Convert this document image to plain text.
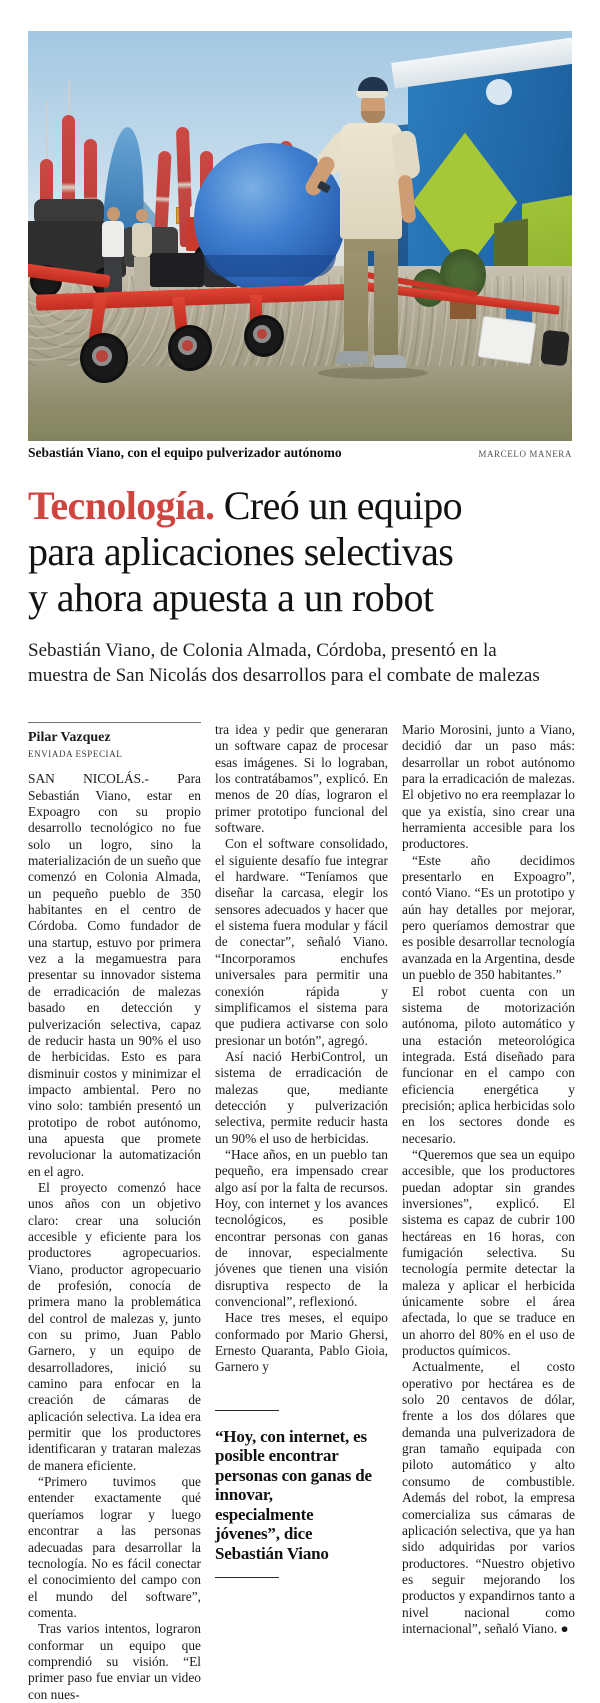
Sebastián Viano, con el equipo pulverizador autónomo	MARCELO MANERA
Tecnología. Creó un equipo
para aplicaciones selectivas
y ahora apuesta a un robot

Sebastián Viano, de Colonia Almada, Córdoba, presentó en la
muestra de San Nicolás dos desarrollos para el combate de malezas

Pilar Vazquez
ENVIADA ESPECIAL

SAN NICOLÁS.- Para Sebastián Viano, estar en Expoagro con su propio desarrollo tecnológico no fue solo un logro, sino la materialización de un sueño que comenzó en Colonia Almada, un pequeño pueblo de 350 habitantes en el centro de Córdoba. Como fundador de una startup, estuvo por primera vez a la megamuestra para presentar su innovador sistema de erradicación de malezas basado en detección y pulverización selectiva, capaz de reducir hasta un 90% el uso de herbicidas. Esto es para disminuir costos y minimizar el impacto ambiental. Pero no vino solo: también presentó un prototipo de robot autónomo, una apuesta que promete revolucionar la automatización en el agro.

El proyecto comenzó hace unos años con un objetivo claro: crear una solución accesible y eficiente para los productores agropecuarios. Viano, productor agropecuario de profesión, conocía de primera mano la problemática del control de malezas y, junto con su primo, Juan Pablo Garnero, y un equipo de desarrolladores, inició su camino para enfocar en la creación de cámaras de aplicación selectiva. La idea era permitir que los productores identificaran y trataran malezas de manera eficiente.

“Primero tuvimos que entender exactamente qué queríamos lograr y luego encontrar a las personas adecuadas para desarrollar la tecnología. No es fácil conectar el conocimiento del campo con el mundo del software”, comenta.

Tras varios intentos, lograron conformar un equipo que comprendió su visión. “El primer paso fue enviar un video con nues-

tra idea y pedir que generaran un software capaz de procesar esas imágenes. Si lo lograban, los contratábamos”, explicó. En menos de 20 días, lograron el primer prototipo funcional del software.

Con el software consolidado, el siguiente desafío fue integrar el hardware. “Teníamos que diseñar la carcasa, elegir los sensores adecuados y hacer que el sistema fuera modular y fácil de conectar”, señaló Viano. “Incorporamos enchufes universales para permitir una conexión rápida y simplificamos el sistema para que pudiera activarse con solo presionar un botón”, agregó.

Así nació HerbiControl, un sistema de erradicación de malezas que, mediante detección y pulverización selectiva, permite reducir hasta un 90% el uso de herbicidas.

“Hace años, en un pueblo tan pequeño, era impensado crear algo así por la falta de recursos. Hoy, con internet y los avances tecnológicos, es posible encontrar personas con ganas de innovar, especialmente jóvenes que tienen una visión disruptiva respecto de la convencional”, reflexionó.

Hace tres meses, el equipo conformado por Mario Ghersi, Ernesto Quaranta, Pablo Gioia, Garnero y

“Hoy, con internet, es posible encontrar personas con ganas de innovar, especialmente jóvenes”, dice Sebastián Viano

Mario Morosini, junto a Viano, decidió dar un paso más: desarrollar un robot autónomo para la erradicación de malezas. El objetivo no era reemplazar lo que ya existía, sino crear una herramienta accesible para los productores.

“Este año decidimos presentarlo en Expoagro”, contó Viano. “Es un prototipo y aún hay detalles por mejorar, pero queríamos demostrar que es posible desarrollar tecnología avanzada en la Argentina, desde un pueblo de 350 habitantes.”

El robot cuenta con un sistema de motorización autónoma, piloto automático y una estación meteorológica integrada. Está diseñado para funcionar en el campo con eficiencia energética y precisión; aplica herbicidas solo en los sectores donde es necesario.

“Queremos que sea un equipo accesible, que los productores puedan adoptar sin grandes inversiones”, explicó. El sistema es capaz de cubrir 100 hectáreas en 16 horas, con fumigación selectiva. Su tecnología permite detectar la maleza y aplicar el herbicida únicamente sobre el área afectada, lo que se traduce en un ahorro del 80% en el uso de productos químicos.

Actualmente, el costo operativo por hectárea es de solo 20 centavos de dólar, frente a los dos dólares que demanda una pulverizadora de gran tamaño equipada con piloto automático y alto consumo de combustible. Además del robot, la empresa comercializa sus cámaras de aplicación selectiva, que ya han sido adquiridas por varios productores. “Nuestro objetivo es seguir mejorando los productos y expandirnos tanto a nivel nacional como internacional”, señaló Viano. ●
